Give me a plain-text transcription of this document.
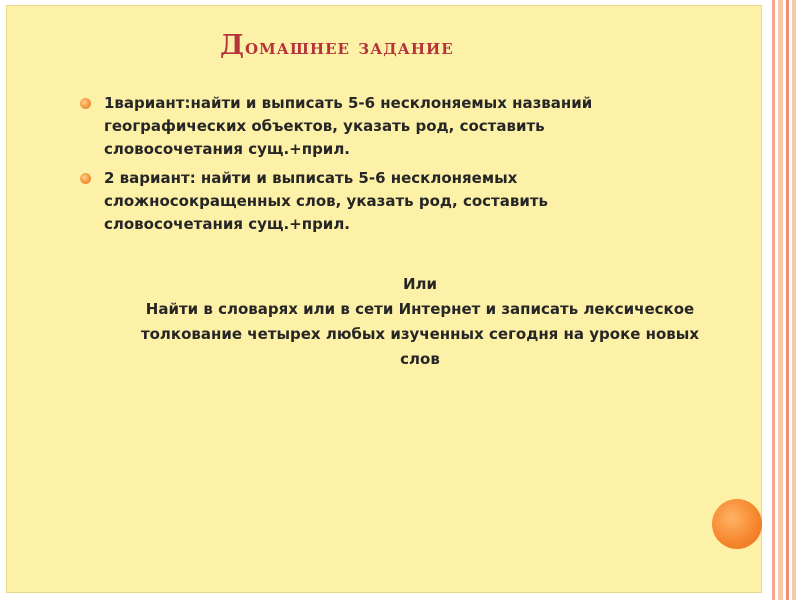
Домашнее задание
1вариант:найти и выписать 5-6 несклоняемых названий
географических объектов, указать род, составить
словосочетания сущ.+прил.
2 вариант: найти и выписать 5-6 несклоняемых
сложносокращенных слов, указать род, составить
словосочетания сущ.+прил.
Или
Найти в словарях или в сети Интернет и записать лексическое
толкование четырех любых изученных сегодня на уроке новых
слов
